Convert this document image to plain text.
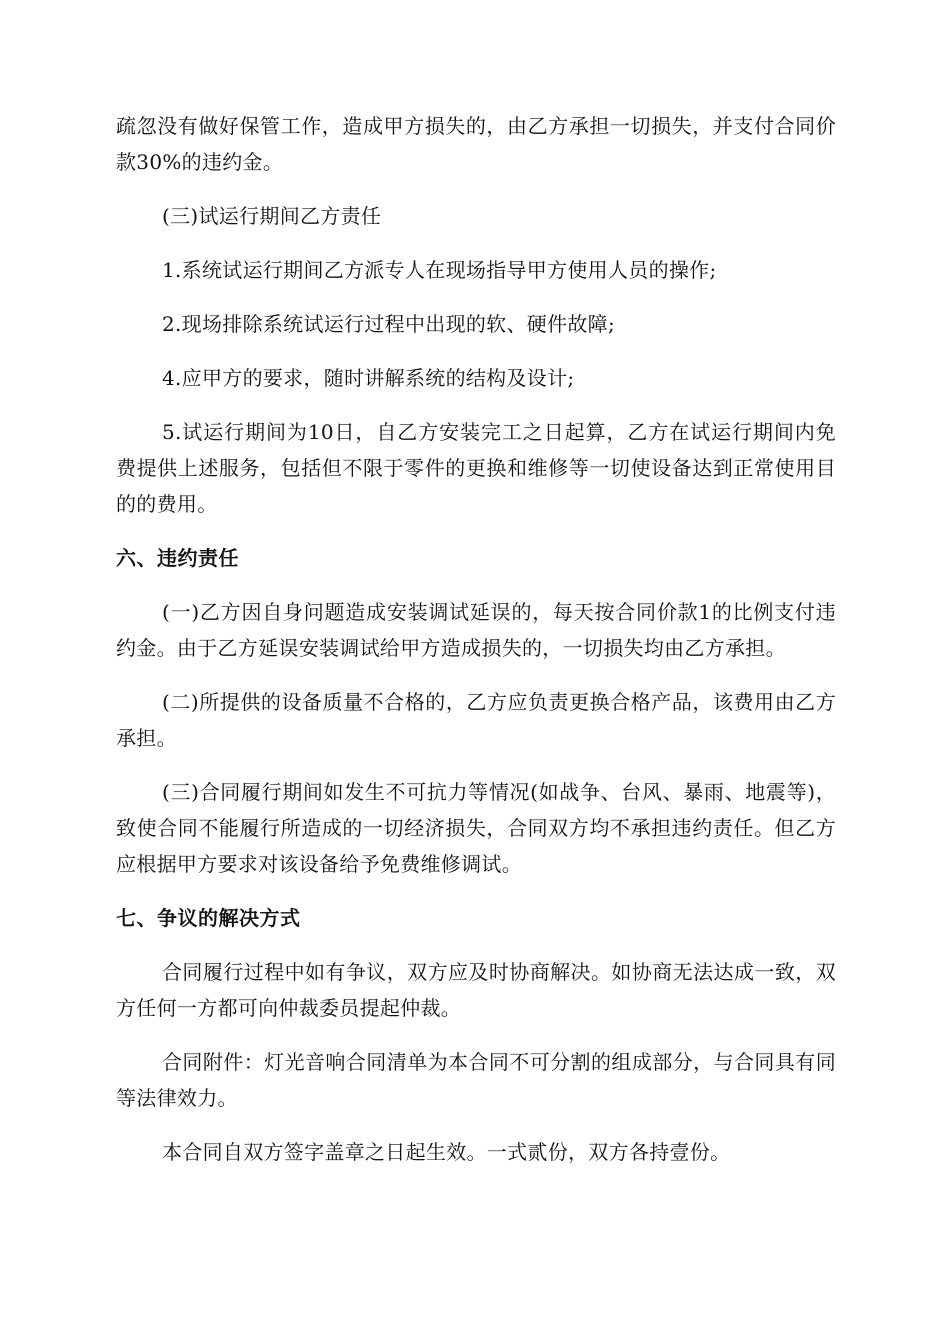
疏忽没有做好保管工作，造成甲方损失的，由乙方承担一切损失，并支付合同价款30%的违约金。

(三)试运行期间乙方责任

1.系统试运行期间乙方派专人在现场指导甲方使用人员的操作;

2.现场排除系统试运行过程中出现的软、硬件故障;

4.应甲方的要求，随时讲解系统的结构及设计;

5.试运行期间为10日，自乙方安装完工之日起算，乙方在试运行期间内免费提供上述服务，包括但不限于零件的更换和维修等一切使设备达到正常使用目的的费用。

六、违约责任

(一)乙方因自身问题造成安装调试延误的，每天按合同价款1的比例支付违约金。由于乙方延误安装调试给甲方造成损失的，一切损失均由乙方承担。

(二)所提供的设备质量不合格的，乙方应负责更换合格产品，该费用由乙方承担。

(三)合同履行期间如发生不可抗力等情况(如战争、台风、暴雨、地震等)，致使合同不能履行所造成的一切经济损失，合同双方均不承担违约责任。但乙方应根据甲方要求对该设备给予免费维修调试。

七、争议的解决方式

合同履行过程中如有争议，双方应及时协商解决。如协商无法达成一致，双方任何一方都可向仲裁委员提起仲裁。

合同附件：灯光音响合同清单为本合同不可分割的组成部分，与合同具有同等法律效力。

本合同自双方签字盖章之日起生效。一式贰份，双方各持壹份。
